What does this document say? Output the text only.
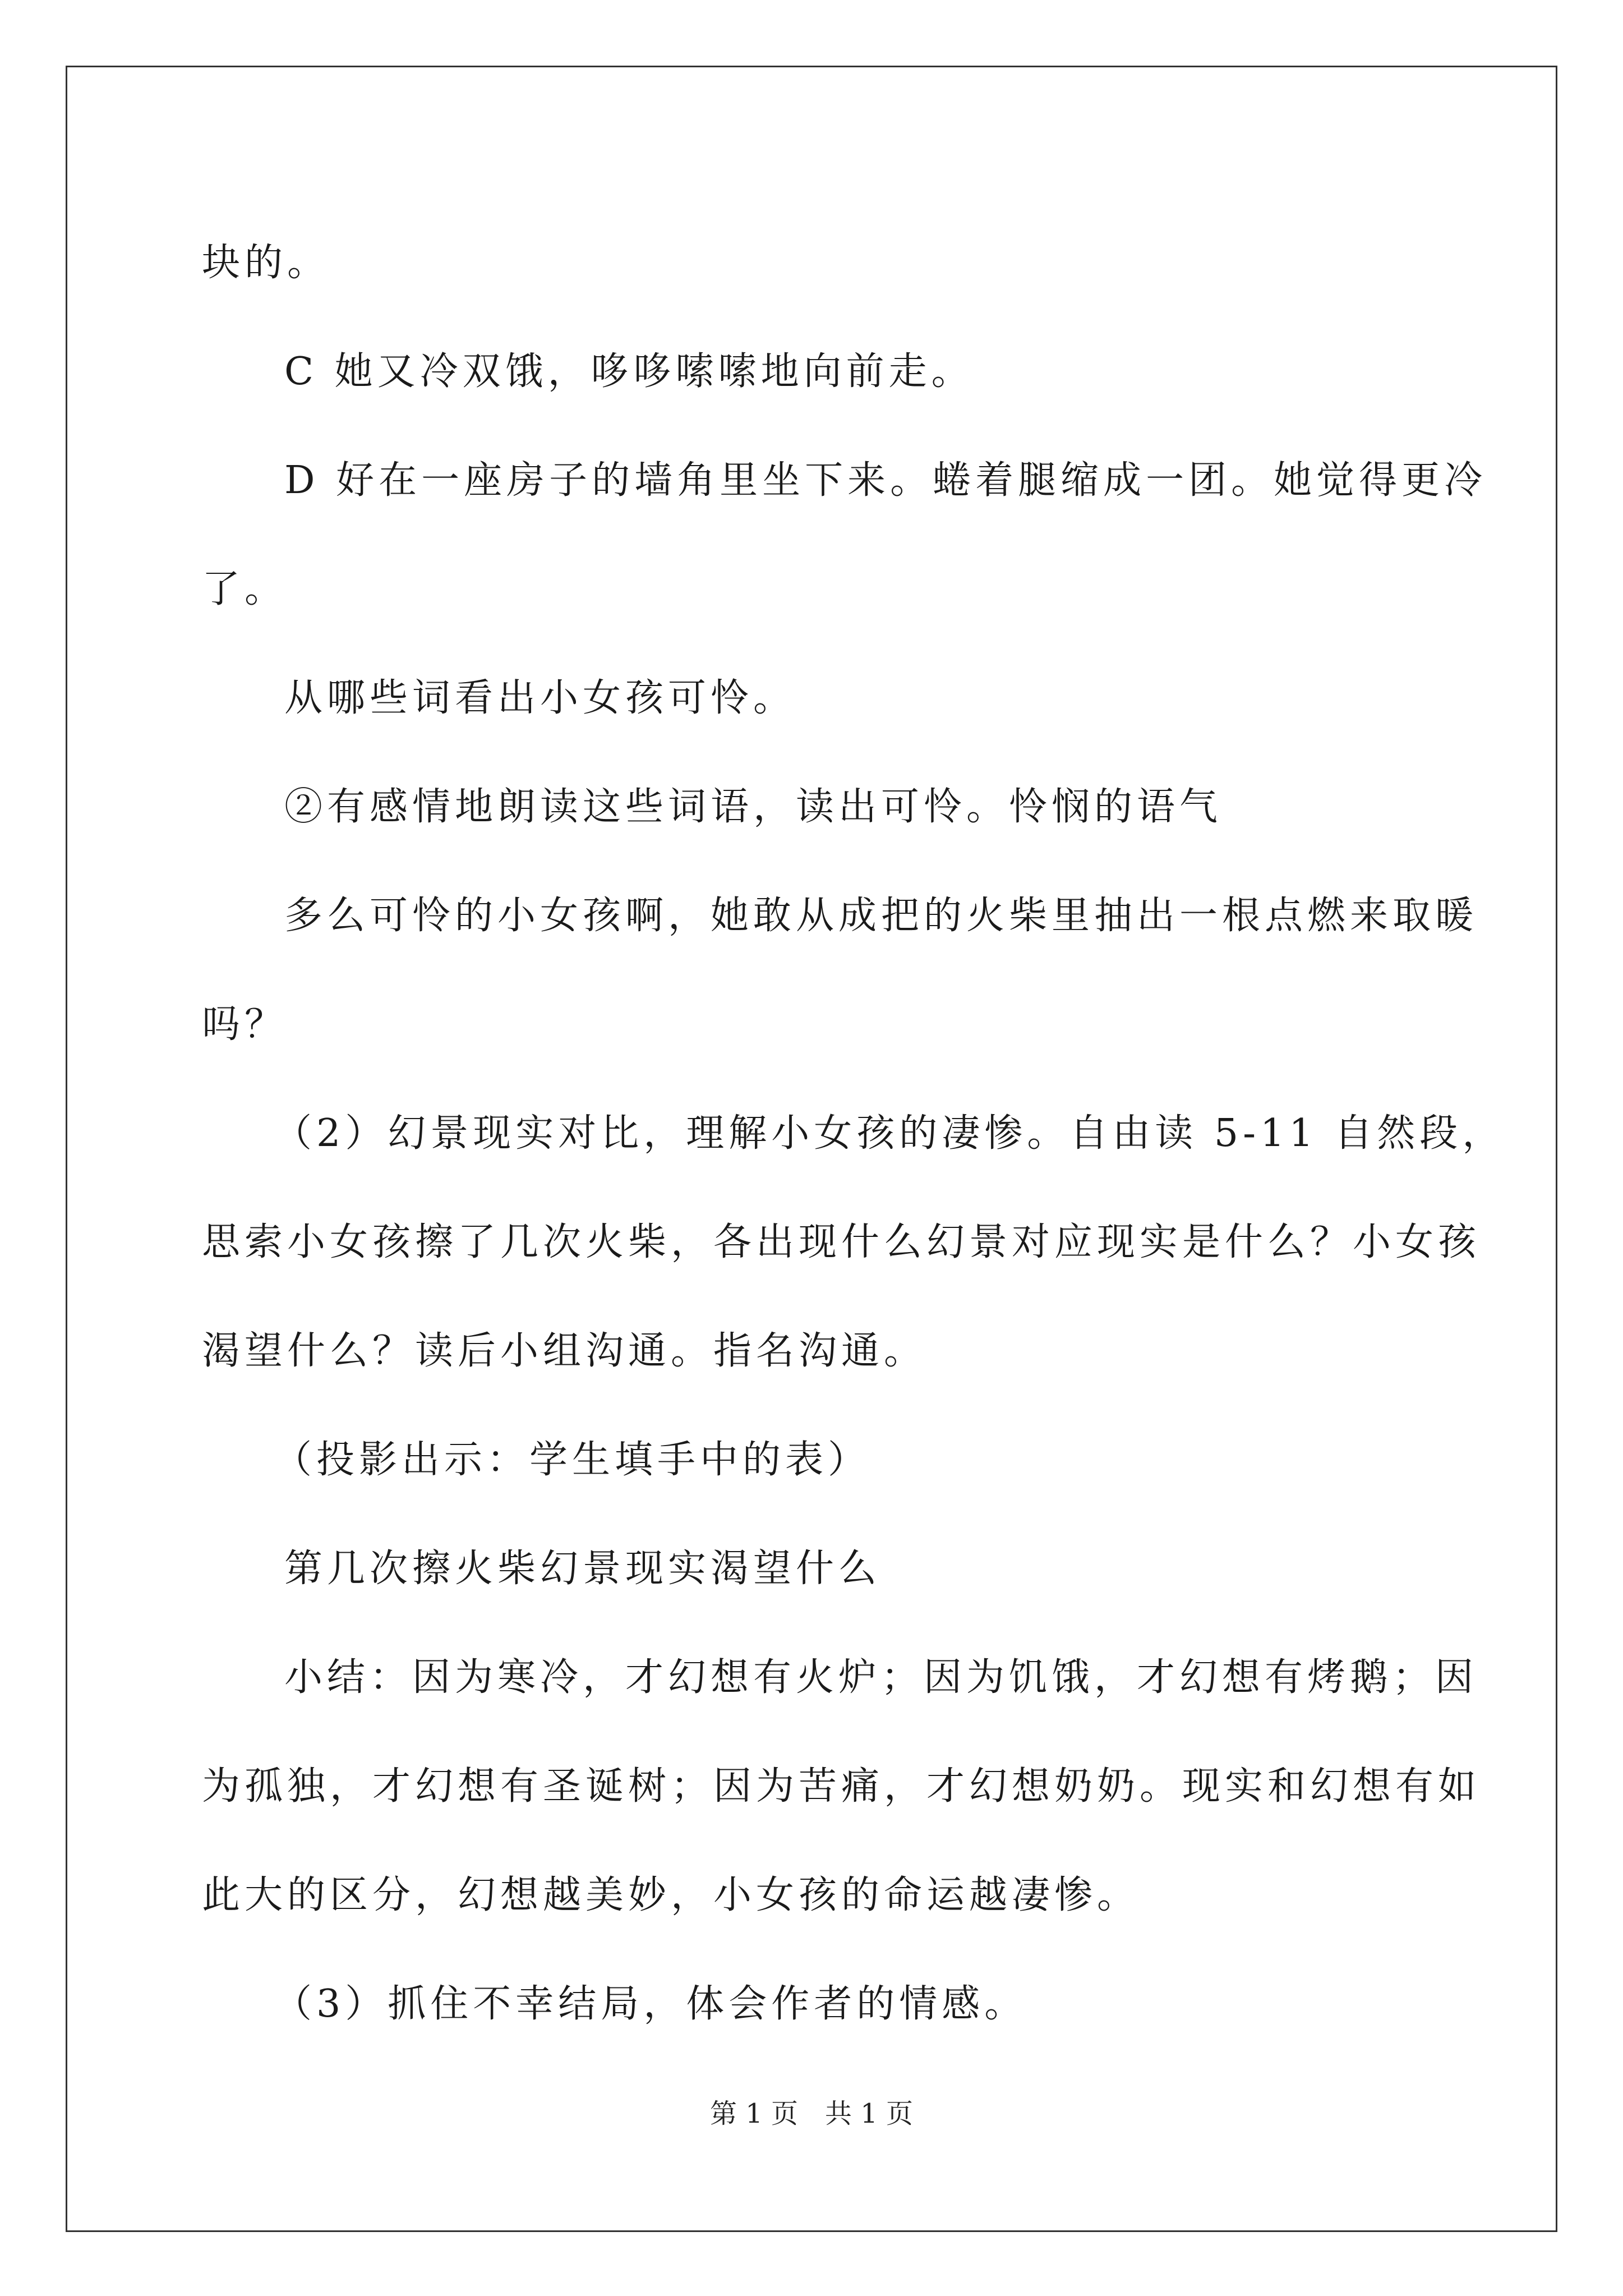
块的。

C 她又冷双饿，哆哆嗦嗦地向前走。

D 好在一座房子的墙角里坐下来。蜷着腿缩成一团。她觉得更冷

了。

从哪些词看出小女孩可怜。

②有感情地朗读这些词语，读出可怜。怜悯的语气

多么可怜的小女孩啊，她敢从成把的火柴里抽出一根点燃来取暖

吗？

（2）幻景现实对比，理解小女孩的凄惨。自由读 5-11 自然段，

思索小女孩擦了几次火柴，各出现什么幻景对应现实是什么？小女孩

渴望什么？读后小组沟通。指名沟通。

（投影出示：学生填手中的表）

第几次擦火柴幻景现实渴望什么

小结：因为寒冷，才幻想有火炉；因为饥饿，才幻想有烤鹅；因

为孤独，才幻想有圣诞树；因为苦痛，才幻想奶奶。现实和幻想有如

此大的区分，幻想越美妙，小女孩的命运越凄惨。

（3）抓住不幸结局，体会作者的情感。

第 1 页　共 1 页
